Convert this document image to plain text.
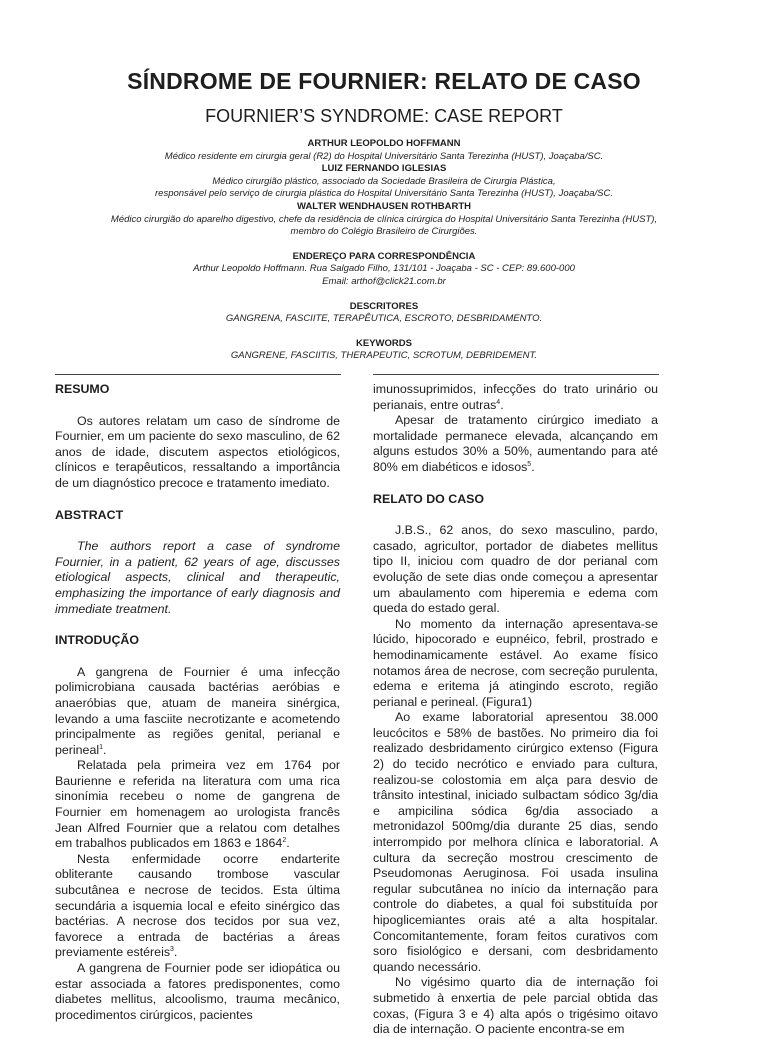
SÍNDROME DE FOURNIER: RELATO DE CASO
FOURNIER’S SYNDROME: CASE REPORT
ARTHUR LEOPOLDO HOFFMANN
Médico residente em cirurgia geral (R2) do Hospital Universitário Santa Terezinha (HUST), Joaçaba/SC.
LUIZ FERNANDO IGLESIAS
Médico cirurgião plástico, associado da Sociedade Brasileira de Cirurgia Plástica,
responsável pelo serviço de cirurgia plástica do Hospital Universitário Santa Terezinha (HUST), Joaçaba/SC.
WALTER WENDHAUSEN ROTHBARTH
Médico cirurgião do aparelho digestivo, chefe da residência de clínica cirúrgica do Hospital Universitário Santa Terezinha (HUST),
membro do Colégio Brasileiro de Cirurgiões.
ENDEREÇO PARA CORRESPONDÊNCIA
Arthur Leopoldo Hoffmann. Rua Salgado Filho, 131/101 - Joaçaba - SC - CEP: 89.600-000
Email: arthof@click21.com.br
DESCRITORES
GANGRENA, FASCIITE, TERAPÊUTICA, ESCROTO, DESBRIDAMENTO.
KEYWORDS
GANGRENE, FASCIITIS, THERAPEUTIC, SCROTUM, DEBRIDEMENT.
RESUMO

Os autores relatam um caso de síndrome de Fournier, em um paciente do sexo masculino, de 62 anos de idade, discutem aspectos etiológicos, clínicos e terapêuticos, ressaltando a importância de um diagnóstico precoce e tratamento imediato.

ABSTRACT

The authors report a case of syndrome Fournier, in a patient, 62 years of age, discusses etiological aspects, clinical and therapeutic, emphasizing the importance of early diagnosis and immediate treatment.

INTRODUÇÃO

A gangrena de Fournier é uma infecção polimicrobiana causada bactérias aeróbias e anaeróbias que, atuam de maneira sinérgica, levando a uma fasciite necrotizante e acometendo principalmente as regiões genital, perianal e perineal$^1$.

Relatada pela primeira vez em 1764 por Baurienne e referida na literatura com uma rica sinonímia recebeu o nome de gangrena de Fournier em homenagem ao urologista francês Jean Alfred Fournier que a relatou com detalhes em trabalhos publicados em 1863 e 1864$^2$.

Nesta enfermidade ocorre endarterite obliterante causando trombose vascular subcutânea e necrose de tecidos. Esta última secundária a isquemia local e efeito sinérgico das bactérias. A necrose dos tecidos por sua vez, favorece a entrada de bactérias a áreas previamente estéreis$^3$.

A gangrena de Fournier pode ser idiopática ou estar associada a fatores predisponentes, como diabetes mellitus, alcoolismo, trauma mecânico, procedimentos cirúrgicos, pacientes

imunossuprimidos, infecções do trato urinário ou perianais, entre outras$^4$.

Apesar de tratamento cirúrgico imediato a mortalidade permanece elevada, alcançando em alguns estudos 30% a 50%, aumentando para até 80% em diabéticos e idosos$^5$.

RELATO DO CASO

J.B.S., 62 anos, do sexo masculino, pardo, casado, agricultor, portador de diabetes mellitus tipo II, iniciou com quadro de dor perianal com evolução de sete dias onde começou a apresentar um abaulamento com hiperemia e edema com queda do estado geral.

No momento da internação apresentava-se lúcido, hipocorado e eupnéico, febril, prostrado e hemodinamicamente estável. Ao exame físico notamos área de necrose, com secreção purulenta, edema e eritema já atingindo escroto, região perianal e perineal. (Figura1)

Ao exame laboratorial apresentou 38.000 leucócitos e 58% de bastões. No primeiro dia foi realizado desbridamento cirúrgico extenso (Figura 2) do tecido necrótico e enviado para cultura, realizou-se colostomia em alça para desvio de trânsito intestinal, iniciado sulbactam sódico 3g/dia e ampicilina sódica 6g/dia associado a metronidazol 500mg/dia durante 25 dias, sendo interrompido por melhora clínica e laboratorial. A cultura da secreção mostrou crescimento de Pseudomonas Aeruginosa. Foi usada insulina regular subcutânea no início da internação para controle do diabetes, a qual foi substituída por hipoglicemiantes orais até a alta hospitalar. Concomitantemente, foram feitos curativos com soro fisiológico e dersani, com desbridamento quando necessário.

No vigésimo quarto dia de internação foi submetido à enxertia de pele parcial obtida das coxas, (Figura 3 e 4) alta após o trigésimo oitavo dia de internação. O paciente encontra-se em
